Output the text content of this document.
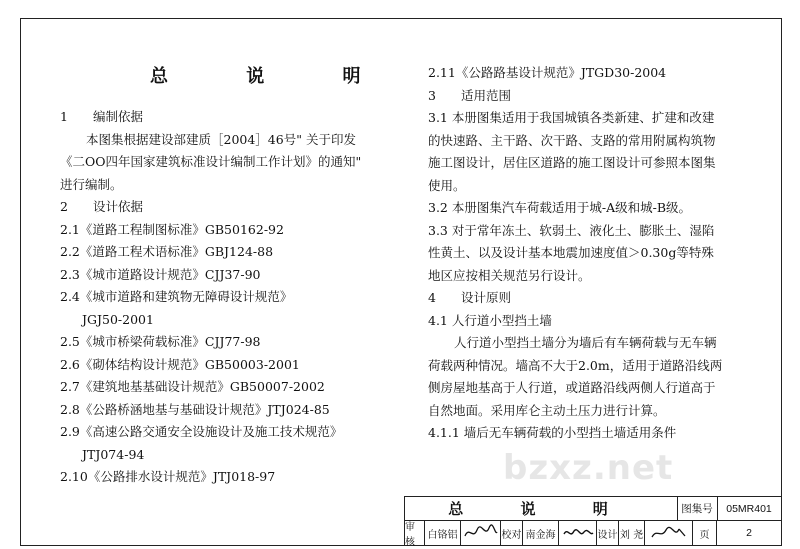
总 说 明
1　　编制依据
本图集根据建设部建质［2004］46号" 关于印发
《二OO四年国家建筑标准设计编制工作计划》的通知"
进行编制。
2　　设计依据
2.1《道路工程制图标准》GB50162-92
2.2《道路工程术语标准》GBJ124-88
2.3《城市道路设计规范》CJJ37-90
2.4《城市道路和建筑物无障碍设计规范》
JGJ50-2001
2.5《城市桥梁荷载标准》CJJ77-98
2.6《砌体结构设计规范》GB50003-2001
2.7《建筑地基基础设计规范》GB50007-2002
2.8《公路桥涵地基与基础设计规范》JTJ024-85
2.9《高速公路交通安全设施设计及施工技术规范》
JTJ074-94
2.10《公路排水设计规范》JTJ018-97
2.11《公路路基设计规范》JTGD30-2004
3　　适用范围
3.1 本册图集适用于我国城镇各类新建、扩建和改建
的快速路、主干路、次干路、支路的常用附属构筑物
施工图设计，居住区道路的施工图设计可参照本图集
使用。
3.2 本册图集汽车荷载适用于城-A级和城-B级。
3.3 对于常年冻土、软弱土、液化土、膨胀土、湿陷
性黄土、以及设计基本地震加速度值＞0.30g等特殊
地区应按相关规范另行设计。
4　　设计原则
4.1 人行道小型挡土墙
人行道小型挡土墙分为墙后有车辆荷载与无车辆
荷载两种情况。墙高不大于2.0m，适用于道路沿线两
侧房屋地基高于人行道，或道路沿线两侧人行道高于
自然地面。采用库仑主动土压力进行计算。
4.1.1 墙后无车辆荷载的小型挡土墙适用条件
bzxz.net
总 说 明	图集号	05MR401
审核
白铬铝	校对 南金海	设计 刘 尧	页	2
